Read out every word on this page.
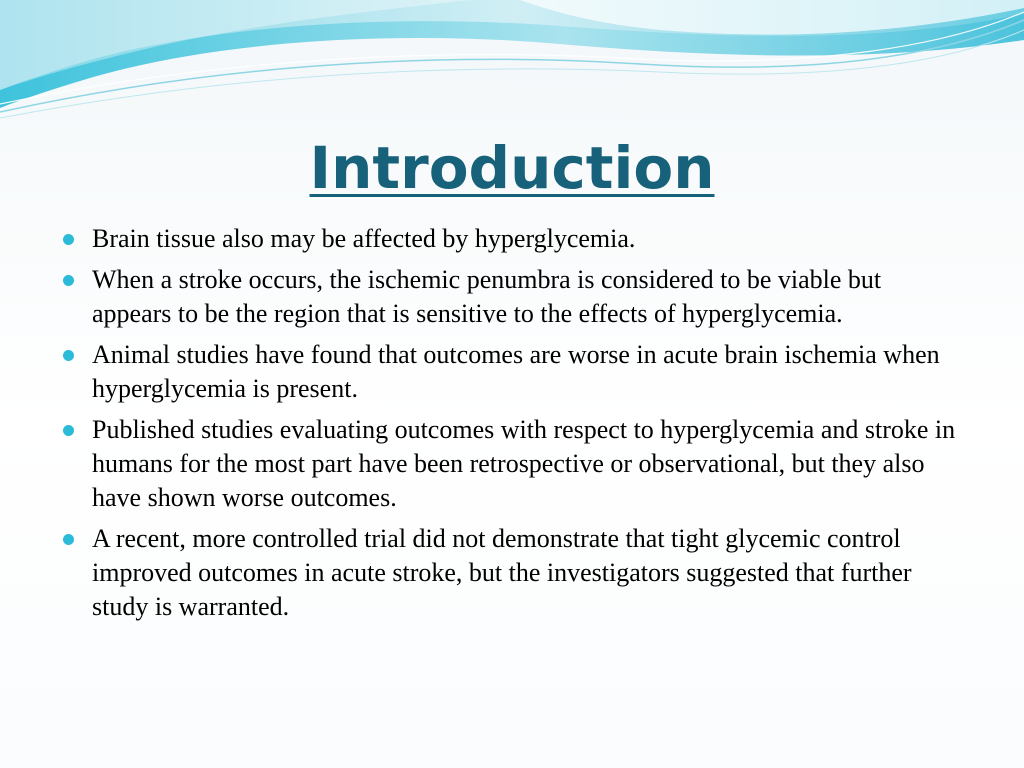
Introduction
Brain tissue also may be affected by hyperglycemia.
When a stroke occurs, the ischemic penumbra is considered to be viable but appears to be the region that is sensitive to the effects of hyperglycemia.
Animal studies have found that outcomes are worse in acute brain ischemia when hyperglycemia is present.
Published studies evaluating outcomes with respect to hyperglycemia and stroke in humans for the most part have been retrospective or observational, but they also have shown worse outcomes.
A recent, more controlled trial did not demonstrate that tight glycemic control improved outcomes in acute stroke, but the investigators suggested that further study is warranted.
